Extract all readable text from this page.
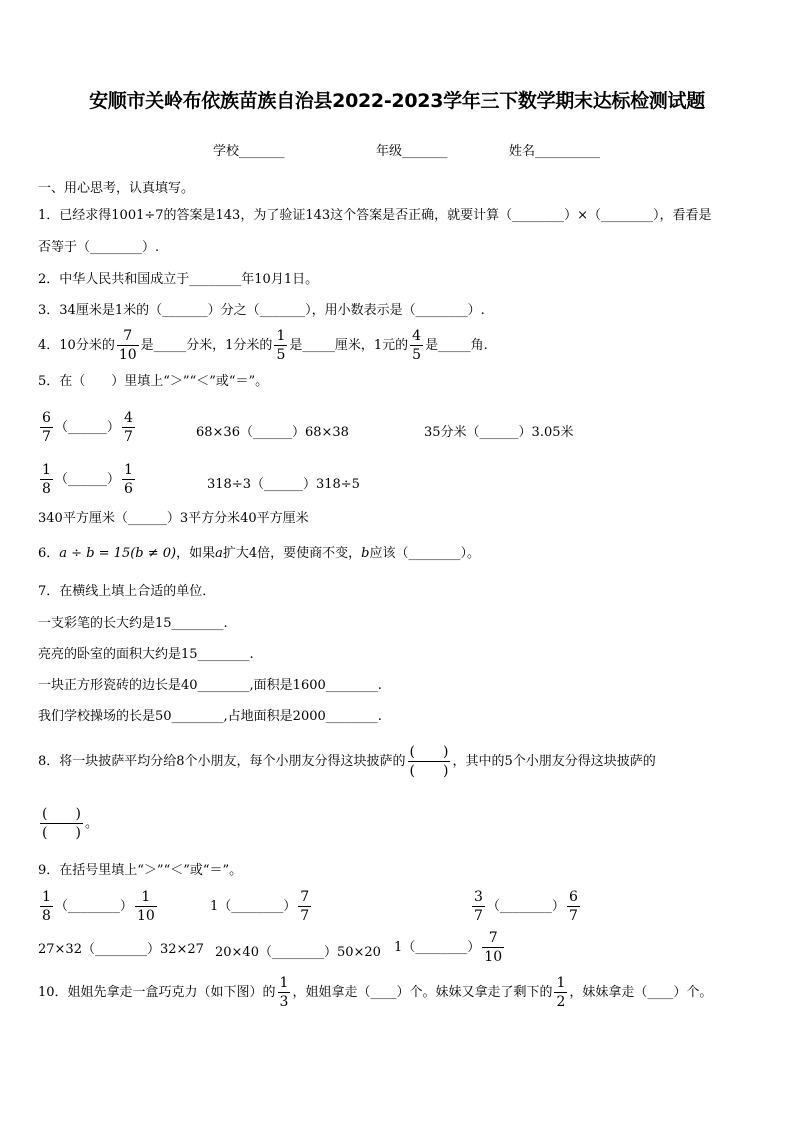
安顺市关岭布依族苗族自治县2022-2023学年三下数学期末达标检测试题
学校_______	年级_______	姓名__________
一、用心思考，认真填写。
1．已经求得1001÷7的答案是143，为了验证143这个答案是否正确，就要计算（________）×（________），看看是
否等于（________）.
2．中华人民共和国成立于________年10月1日。
3．34厘米是1米的（_______）分之（_______），用小数表示是（________）.
4．10分米的 $\frac{7}{10}$ 是_____分米，1分米的 $\frac{1}{5}$ 是_____厘米，1元的 $\frac{4}{5}$ 是_____角.
5．在（　　）里填上“＞”“＜”或“＝”。
$\frac{6}{7}$ （______） $\frac{4}{7}$	68×36（______）68×38	35分米（______）3.05米
$\frac{1}{8}$ （______） $\frac{1}{6}$	318÷3（______）318÷5
340平方厘米（______）3平方分米40平方厘米
6．a ÷ b = 15(b ≠ 0)，如果a扩大4倍，要使商不变，b应该（________）。
7．在横线上填上合适的单位．
一支彩笔的长大约是15________.
亮亮的卧室的面积大约是15________.
一块正方形瓷砖的边长是40________,面积是1600________.
我们学校操场的长是50________,占地面积是2000________.
8．将一块披萨平均分给8个小朋友，每个小朋友分得这块披萨的 $\frac{( )}{( )}$ ，其中的5个小朋友分得这块披萨的
$\frac{( )}{( )}$ 。
9．在括号里填上“＞”“＜”或“＝”。
$\frac{1}{8}$ （________） $\frac{1}{10}$	1（________） $\frac{7}{7}$	$\frac{3}{7}$ （________） $\frac{6}{7}$
27×32（________）32×27 20×40（________）50×20 1（________） $\frac{7}{10}$
10．姐姐先拿走一盒巧克力（如下图）的 $\frac{1}{3}$ ，姐姐拿走（____）个。妹妹又拿走了剩下的 $\frac{1}{2}$ ，妹妹拿走（____）个。
